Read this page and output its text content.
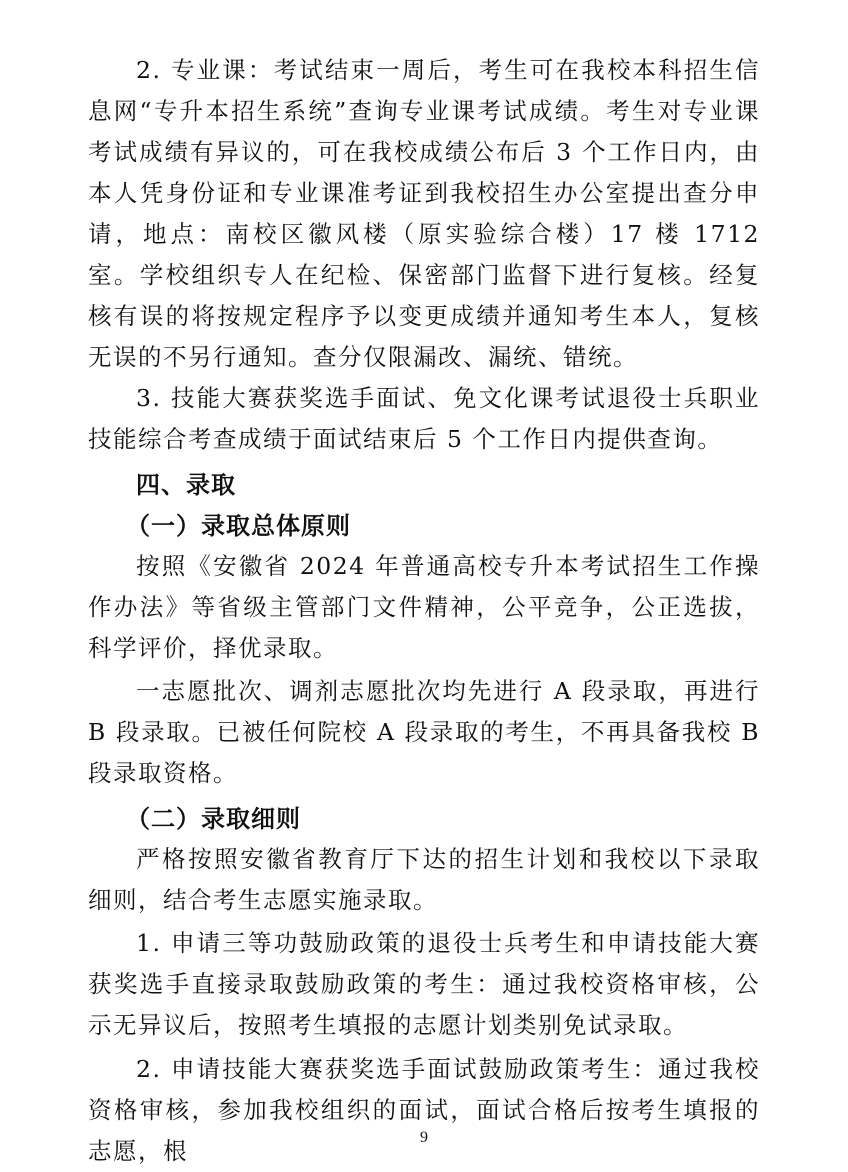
2. 专业课：考试结束一周后，考生可在我校本科招生信息网“专升本招生系统”查询专业课考试成绩。考生对专业课考试成绩有异议的，可在我校成绩公布后 3 个工作日内，由本人凭身份证和专业课准考证到我校招生办公室提出查分申请，地点：南校区徽风楼（原实验综合楼）17 楼 1712 室。学校组织专人在纪检、保密部门监督下进行复核。经复核有误的将按规定程序予以变更成绩并通知考生本人，复核无误的不另行通知。查分仅限漏改、漏统、错统。

3. 技能大赛获奖选手面试、免文化课考试退役士兵职业技能综合考查成绩于面试结束后 5 个工作日内提供查询。

四、录取

（一）录取总体原则

按照《安徽省 2024 年普通高校专升本考试招生工作操作办法》等省级主管部门文件精神，公平竞争，公正选拔，科学评价，择优录取。

一志愿批次、调剂志愿批次均先进行 A 段录取，再进行 B 段录取。已被任何院校 A 段录取的考生，不再具备我校 B 段录取资格。

（二）录取细则

严格按照安徽省教育厅下达的招生计划和我校以下录取细则，结合考生志愿实施录取。

1. 申请三等功鼓励政策的退役士兵考生和申请技能大赛获奖选手直接录取鼓励政策的考生：通过我校资格审核，公示无异议后，按照考生填报的志愿计划类别免试录取。

2. 申请技能大赛获奖选手面试鼓励政策考生：通过我校资格审核，参加我校组织的面试，面试合格后按考生填报的志愿，根	9
